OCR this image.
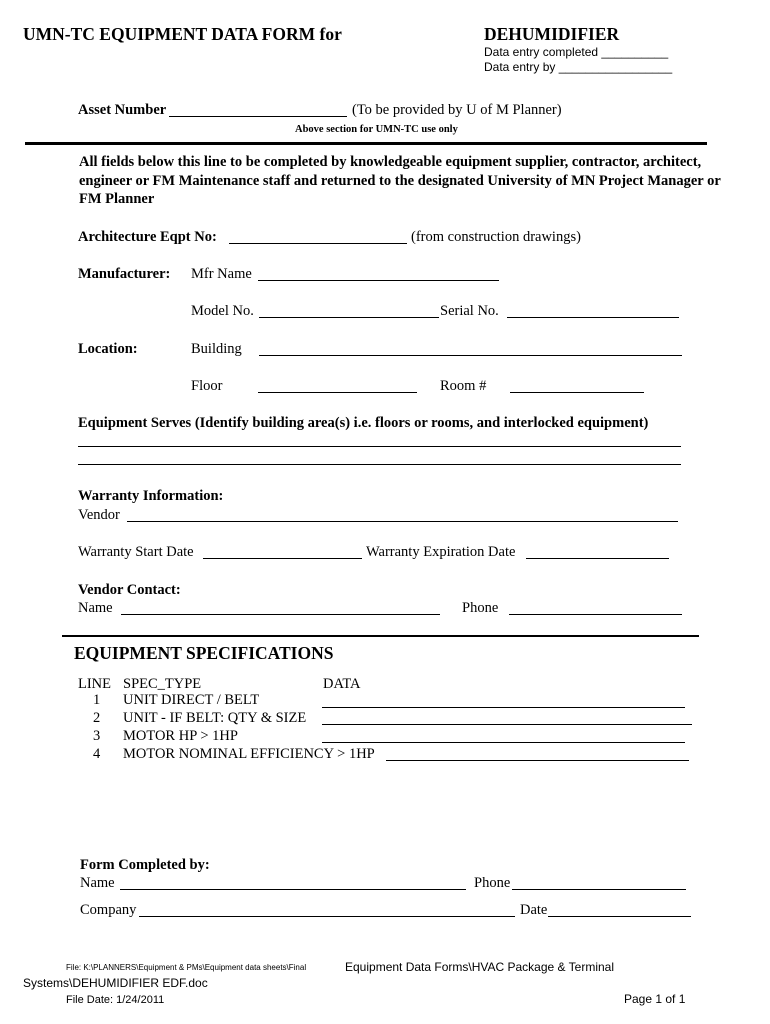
UMN-TC EQUIPMENT DATA FORM for	DEHUMIDIFIER
Data entry completed __________
Data entry by _________________
Asset Number	(To be provided by U of M Planner)
Above section for UMN-TC use only
All fields below this line to be completed by knowledgeable equipment supplier, contractor, architect, engineer or FM Maintenance staff and returned to the designated University of MN Project Manager or FM Planner
Architecture Eqpt No:	(from construction drawings)
Manufacturer: Mfr Name
Model No.	Serial No.
Location:	Building
Floor	Room #
Equipment Serves (Identify building area(s) i.e. floors or rooms, and interlocked equipment)
Warranty Information:
Vendor
Warranty Start Date	Warranty Expiration Date
Vendor Contact:
Name	Phone
EQUIPMENT SPECIFICATIONS
LINE SPEC_TYPE	DATA
1 UNIT DIRECT / BELT
2 UNIT - IF BELT: QTY & SIZE
3 MOTOR HP > 1HP
4 MOTOR NOMINAL EFFICIENCY > 1HP
Form Completed by:
Name	Phone
Company	Date
File: K:\PLANNERS\Equipment & PMs\Equipment data sheets\Final	Equipment Data Forms\HVAC Package & Terminal
Systems\DEHUMIDIFIER EDF.doc
File Date: 1/24/2011	Page 1 of 1
